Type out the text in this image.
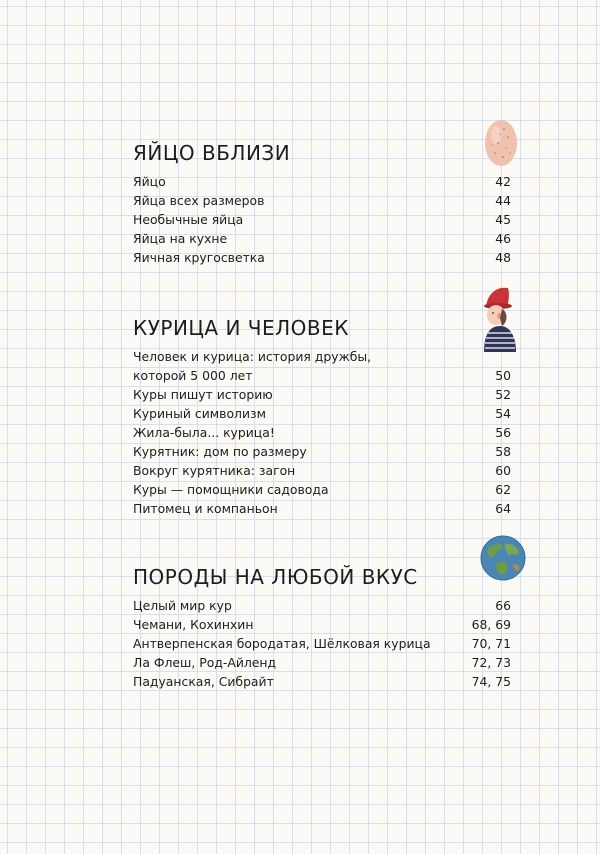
ЯЙЦО ВБЛИЗИ
Яйцо	42
Яйца всех размеров	44
Необычные яйца	45
Яйца на кухне	46
Яичная кругосветка	48
КУРИЦА И ЧЕЛОВЕК
Человек и курица: история дружбы,
которой 5 000 лет	50
Куры пишут историю	52
Куриный символизм	54
Жила-была... курица!	56
Курятник: дом по размеру	58
Вокруг курятника: загон	60
Куры — помощники садовода	62
Питомец и компаньон	64
ПОРОДЫ НА ЛЮБОЙ ВКУС
Целый мир кур	66
Чемани, Кохинхин	68, 69
Антверпенская бородатая, Шёлковая курица	70, 71
Ла Флеш, Род-Айленд	72, 73
Падуанская, Сибрайт	74, 75
